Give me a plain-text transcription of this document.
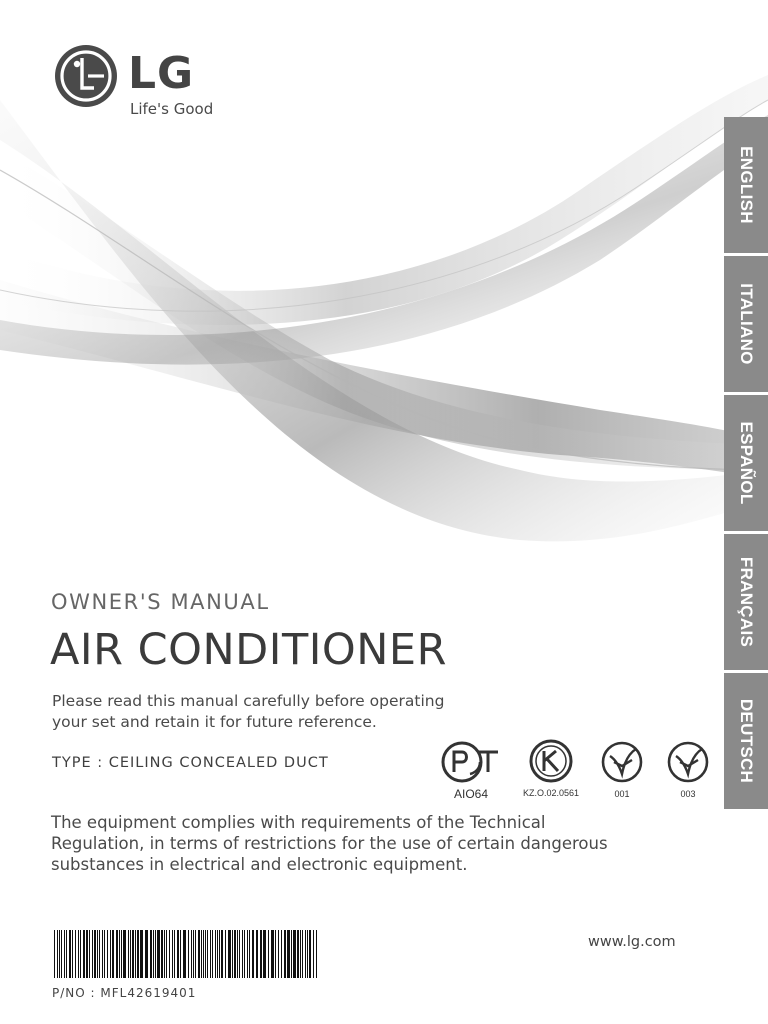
LG
Life's Good
ENGLISH
ITALIANO
ESPAÑOL
FRANÇAIS
DEUTSCH
OWNER'S MANUAL
AIR CONDITIONER
Please read this manual carefully before operating
your set and retain it for future reference.
TYPE : CEILING CONCEALED DUCT
AIO64	KZ.O.02.0561	001	003
The equipment complies with requirements of the Technical
Regulation, in terms of restrictions for the use of certain dangerous
substances in electrical and electronic equipment.
P/NO : MFL42619401
www.lg.com
